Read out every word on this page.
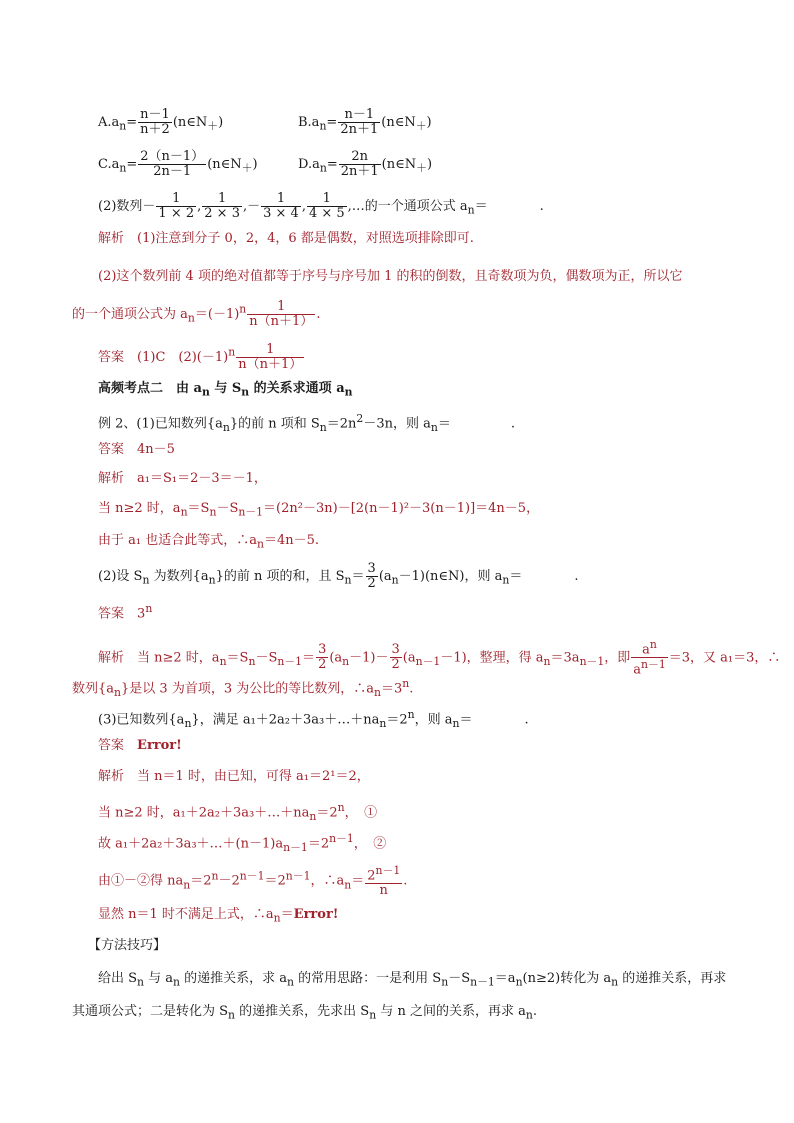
$A.a_n= \frac{n-1}{n+2}$ $(n\in N_+)$	$B.a_n= \frac{n-1}{2n+1}$ $(n\in N_+)$
$C.a_n= \frac{2(n-1)}{2n-1}$ $(n\in N_+)$	$D.a_n= \frac{2n}{2n+1}$ $(n\in N_+)$
(2)数列－ $\frac{1}{1 \times 2}$ , $\frac{1}{2 \times 3}$ ,－ $\frac{1}{3 \times 4}$ , $\frac{1}{4 \times 5}$ ,…的一个通项公式 $a_n=$	.
解析　(1)注意到分子 0，2，4，6 都是偶数，对照选项排除即可.
(2)这个数列前 4 项的绝对值都等于序号与序号加 1 的积的倒数，且奇数项为负，偶数项为正，所以它
的一个通项公式为 $a_n=(-1)^n \frac{1}{n(n+1)}$ .
答案　 (1)C　$(2)(-1)^n \frac{1}{n(n+1)}$
高频考点二　由 $a_n$ 与 $S_n$ 的关系求通项 $a_n$
例 2、(1)已知数列$\{a_n\}$的前 n 项和 $S_n=2n^2-3n$，则 $a_n=$	.
答案　 4n－5
解析　a₁＝S₁＝2－3＝－1，
当 n≥2 时，$a_n=S_n-S_{n-1}=(2n^2-3n)-[2(n-1)^2-3(n-1)]=4n-5$，
由于 a₁ 也适合此等式，$\therefore a_n=4n-5$.
(2)设 $S_n$ 为数列$\{a_n\}$的前 n 项的和，且 $S_n= \frac{3}{2}$ $(a_n-1)(n\in N)$，则 $a_n=$	.
答案　 3$^n$
解析　当 n≥2 时，$a_n=S_n-S_{n-1}= \frac{3}{2} (a_n-1)- \frac{3}{2} (a_{n-1}-1)$，整理，得 $a_n=3a_{n-1}$，即 $\frac{a^n}{a^{n-1}} =3$，又 a₁＝3，∴
数列$\{a_n\}$是以 3 为首项，3 为公比的等比数列，$\therefore a_n=3^n$.
(3)已知数列$\{a_n\}$，满足 $a_1+2a_2+3a_3+\dots+na_n=2^n$，则 $a_n=$	.
答案　 Error!
解析　当 n＝1 时，由已知，可得 a₁＝2¹＝2，
当 n≥2 时，$a_1+2a_2+3a_3+\dots+na_n=2^n$，　①
故 $a_1+2a_2+3a_3+\dots+(n-1)a_{n-1}=2^{n-1}$，　②
由①－②得 $na_n=2^n-2^{n-1}=2^{n-1}$，$\therefore a_n= \frac{2^{n-1}}{n}$ .
显然 n＝1 时不满足上式，$\therefore a_n=Error$!
【方法技巧】
给出 $S_n$ 与 $a_n$ 的递推关系，求 $a_n$ 的常用思路：一是利用 $S_n-S_{n-1}=a_n(n\ge 2)$转化为 $a_n$ 的递推关系，再求
其通项公式；二是转化为 $S_n$ 的递推关系，先求出 $S_n$ 与 n 之间的关系，再求 $a_n$.
